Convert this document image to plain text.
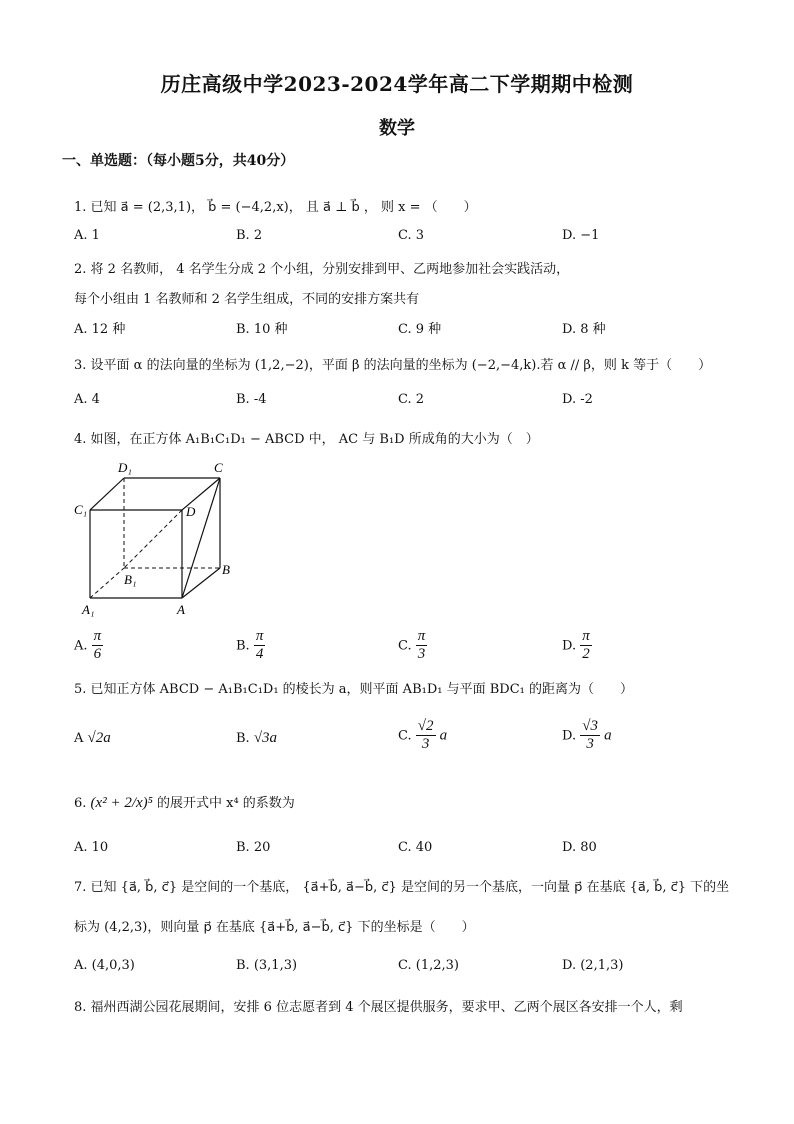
历庄高级中学2023-2024学年高二下学期期中检测
数学
一、单选题：（每小题5分，共40分）
1. 已知 a⃗ = (2,3,1)， b⃗ = (−4,2,x)， 且 a⃗ ⊥ b⃗ ， 则 x = （　　）
A. 1	B. 2	C. 3	D. −1
2. 将 2 名教师， 4 名学生分成 2 个小组，分别安排到甲、乙两地参加社会实践活动，
每个小组由 1 名教师和 2 名学生组成，不同的安排方案共有
A. 12 种	B. 10 种	C. 9 种	D. 8 种
3. 设平面 α 的法向量的坐标为 (1,2,−2)，平面 β 的法向量的坐标为 (−2,−4,k).若 α // β，则 k 等于（　　）
A. 4	B. -4	C. 2	D. -2
4. 如图，在正方体 A₁B₁C₁D₁ − ABCD 中， AC 与 B₁D 所成角的大小为（　）
D₁	C
C₁	D
B₁
B
A₁	A
A. $\frac{\pi}{6}$	B. $\frac{\pi}{4}$	C. $\frac{\pi}{3}$	D. $\frac{\pi}{2}$
5. 已知正方体 ABCD − A₁B₁C₁D₁ 的棱长为 a，则平面 AB₁D₁ 与平面 BDC₁ 的距离为（　　）
A √2a	B. √3a	C. $\frac{√2}{3}$ a	D. $\frac{√3}{3}$ a
6. (x² + 2/x)⁵ 的展开式中 x⁴ 的系数为
A. 10	B. 20	C. 40	D. 80
7. 已知 {a⃗, b⃗, c⃗} 是空间的一个基底， {a⃗+b⃗, a⃗−b⃗, c⃗} 是空间的另一个基底，一向量 p⃗ 在基底 {a⃗, b⃗, c⃗} 下的坐
标为 (4,2,3)，则向量 p⃗ 在基底 {a⃗+b⃗, a⃗−b⃗, c⃗} 下的坐标是（　　）
A. (4,0,3)	B. (3,1,3)	C. (1,2,3)	D. (2,1,3)
8. 福州西湖公园花展期间，安排 6 位志愿者到 4 个展区提供服务，要求甲、乙两个展区各安排一个人，剩
